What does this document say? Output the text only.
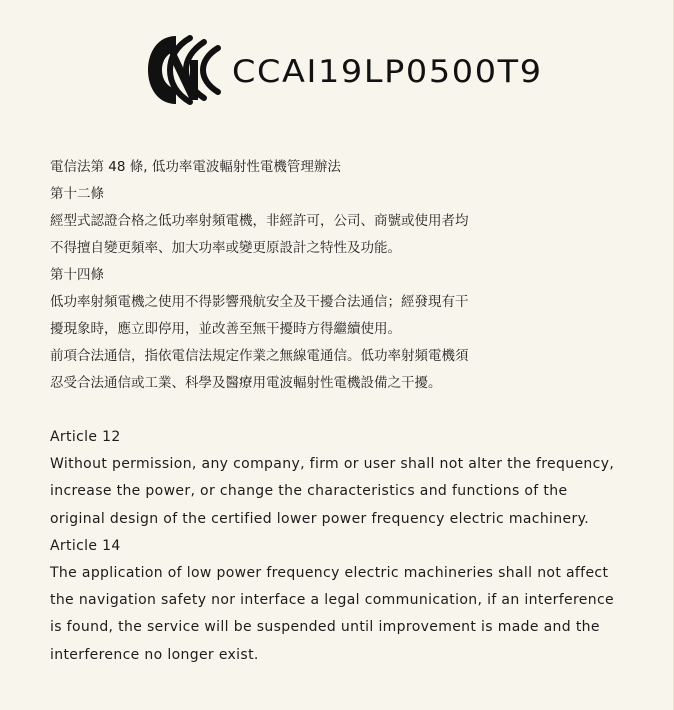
CCAI19LP0500T9
電信法第 48 條, 低功率電波輻射性電機管理辦法
第十二條
經型式認證合格之低功率射頻電機，非經許可，公司、商號或使用者均
不得擅自變更頻率、加大功率或變更原設計之特性及功能。
第十四條
低功率射頻電機之使用不得影響飛航安全及干擾合法通信；經發現有干
擾現象時，應立即停用，並改善至無干擾時方得繼續使用。
前項合法通信，指依電信法規定作業之無線電通信。低功率射頻電機須
忍受合法通信或工業、科學及醫療用電波輻射性電機設備之干擾。
Article 12
Without permission, any company, firm or user shall not alter the frequency,
increase the power, or change the characteristics and functions of the
original design of the certified lower power frequency electric machinery.
Article 14
The application of low power frequency electric machineries shall not affect
the navigation safety nor interface a legal communication, if an interference
is found, the service will be suspended until improvement is made and the
interference no longer exist.
